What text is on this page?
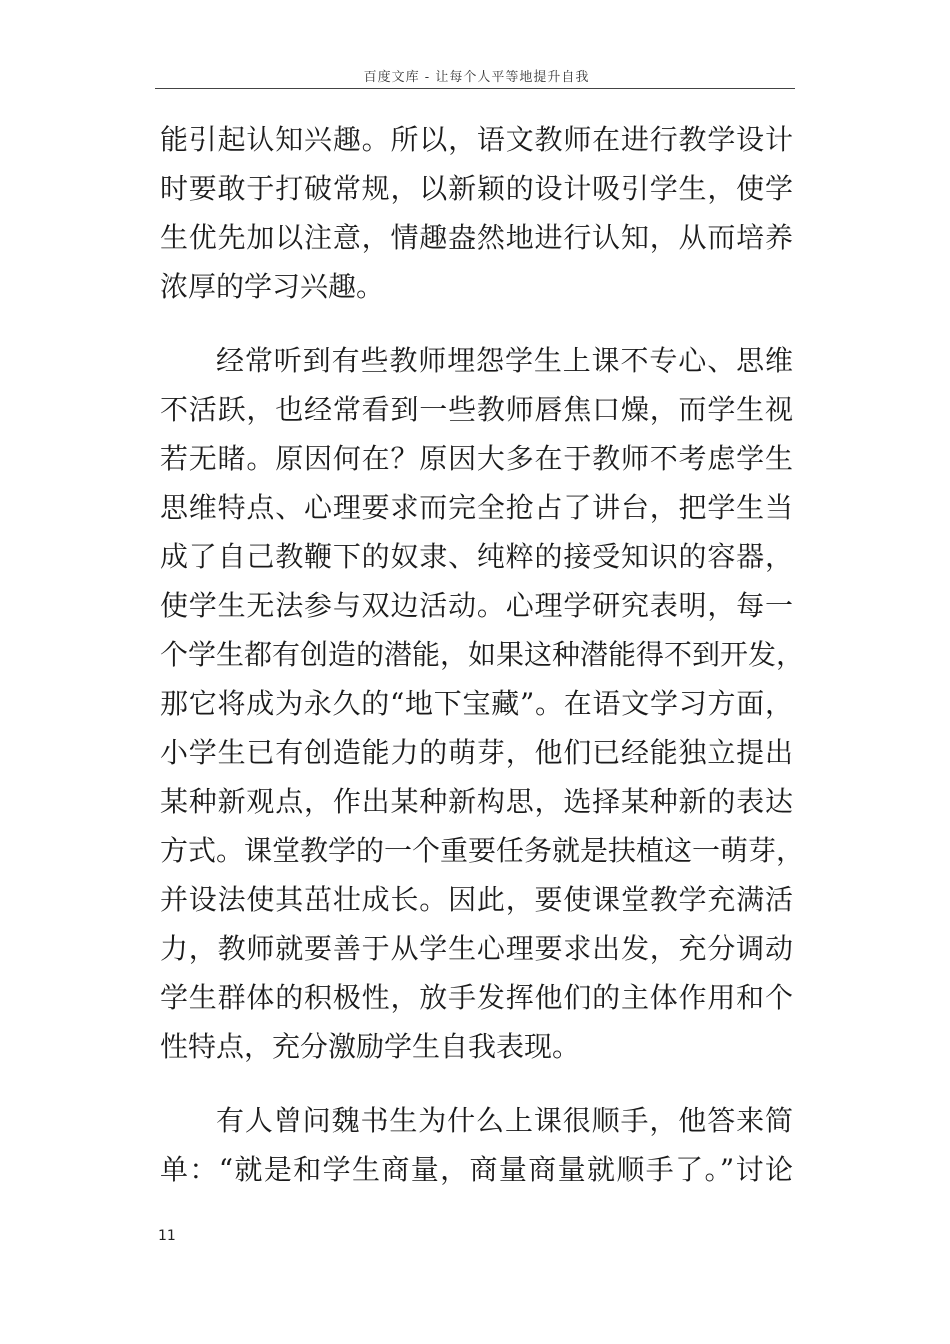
百度文库 - 让每个人平等地提升自我
能引起认知兴趣。所以，语文教师在进行教学设计
时要敢于打破常规，以新颖的设计吸引学生，使学
生优先加以注意，情趣盎然地进行认知，从而培养
浓厚的学习兴趣。
经常听到有些教师埋怨学生上课不专心、思维
不活跃，也经常看到一些教师唇焦口燥，而学生视
若无睹。原因何在？原因大多在于教师不考虑学生
思维特点、心理要求而完全抢占了讲台，把学生当
成了自己教鞭下的奴隶、纯粹的接受知识的容器，
使学生无法参与双边活动。心理学研究表明，每一
个学生都有创造的潜能，如果这种潜能得不到开发，
那它将成为永久的“地下宝藏”。在语文学习方面，
小学生已有创造能力的萌芽，他们已经能独立提出
某种新观点，作出某种新构思，选择某种新的表达
方式。课堂教学的一个重要任务就是扶植这一萌芽，
并设法使其茁壮成长。因此，要使课堂教学充满活
力，教师就要善于从学生心理要求出发，充分调动
学生群体的积极性，放手发挥他们的主体作用和个
性特点，充分激励学生自我表现。
有人曾问魏书生为什么上课很顺手，他答来简
单：“就是和学生商量，商量商量就顺手了。”讨论
11
